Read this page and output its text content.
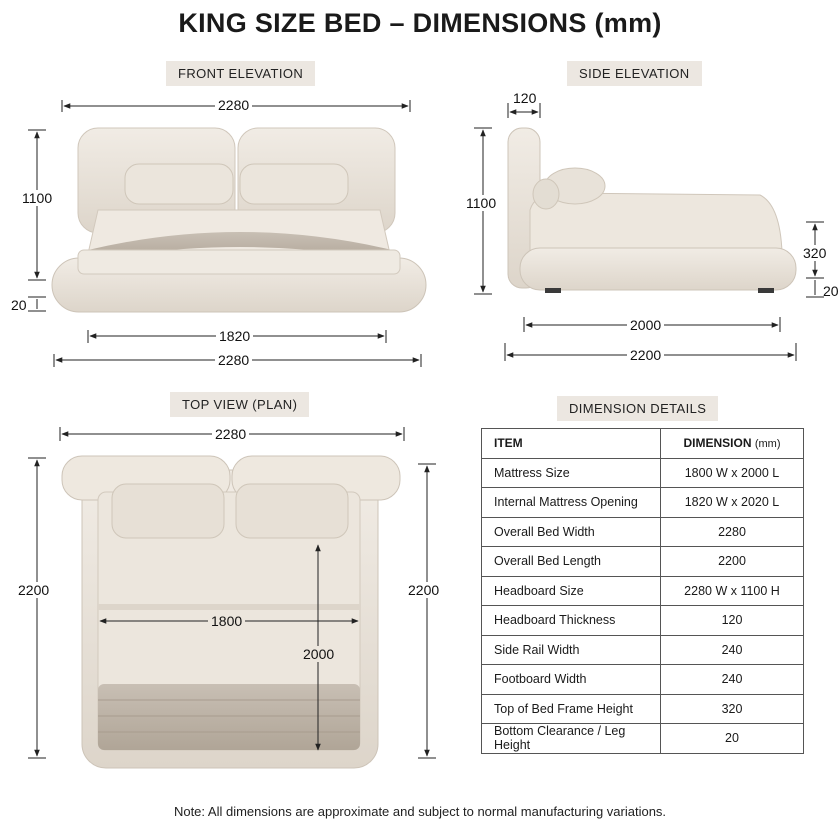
KING SIZE BED – DIMENSIONS (mm)
FRONT ELEVATION	SIDE ELEVATION
TOP VIEW (PLAN)	DIMENSION DETAILS
2280
1100
20
1820
2280
120
1100
320
20
2000
2200
2280
2200	2200
1800
2000
ITEM	DIMENSION (mm)
Mattress Size	1800 W x 2000 L
Internal Mattress Opening	1820 W x 2020 L
Overall Bed Width	2280
Overall Bed Length	2200
Headboard Size	2280 W x 1100 H
Headboard Thickness	120
Side Rail Width	240
Footboard Width	240
Top of Bed Frame Height	320
Bottom Clearance / Leg Height	20
Note: All dimensions are approximate and subject to normal manufacturing variations.
